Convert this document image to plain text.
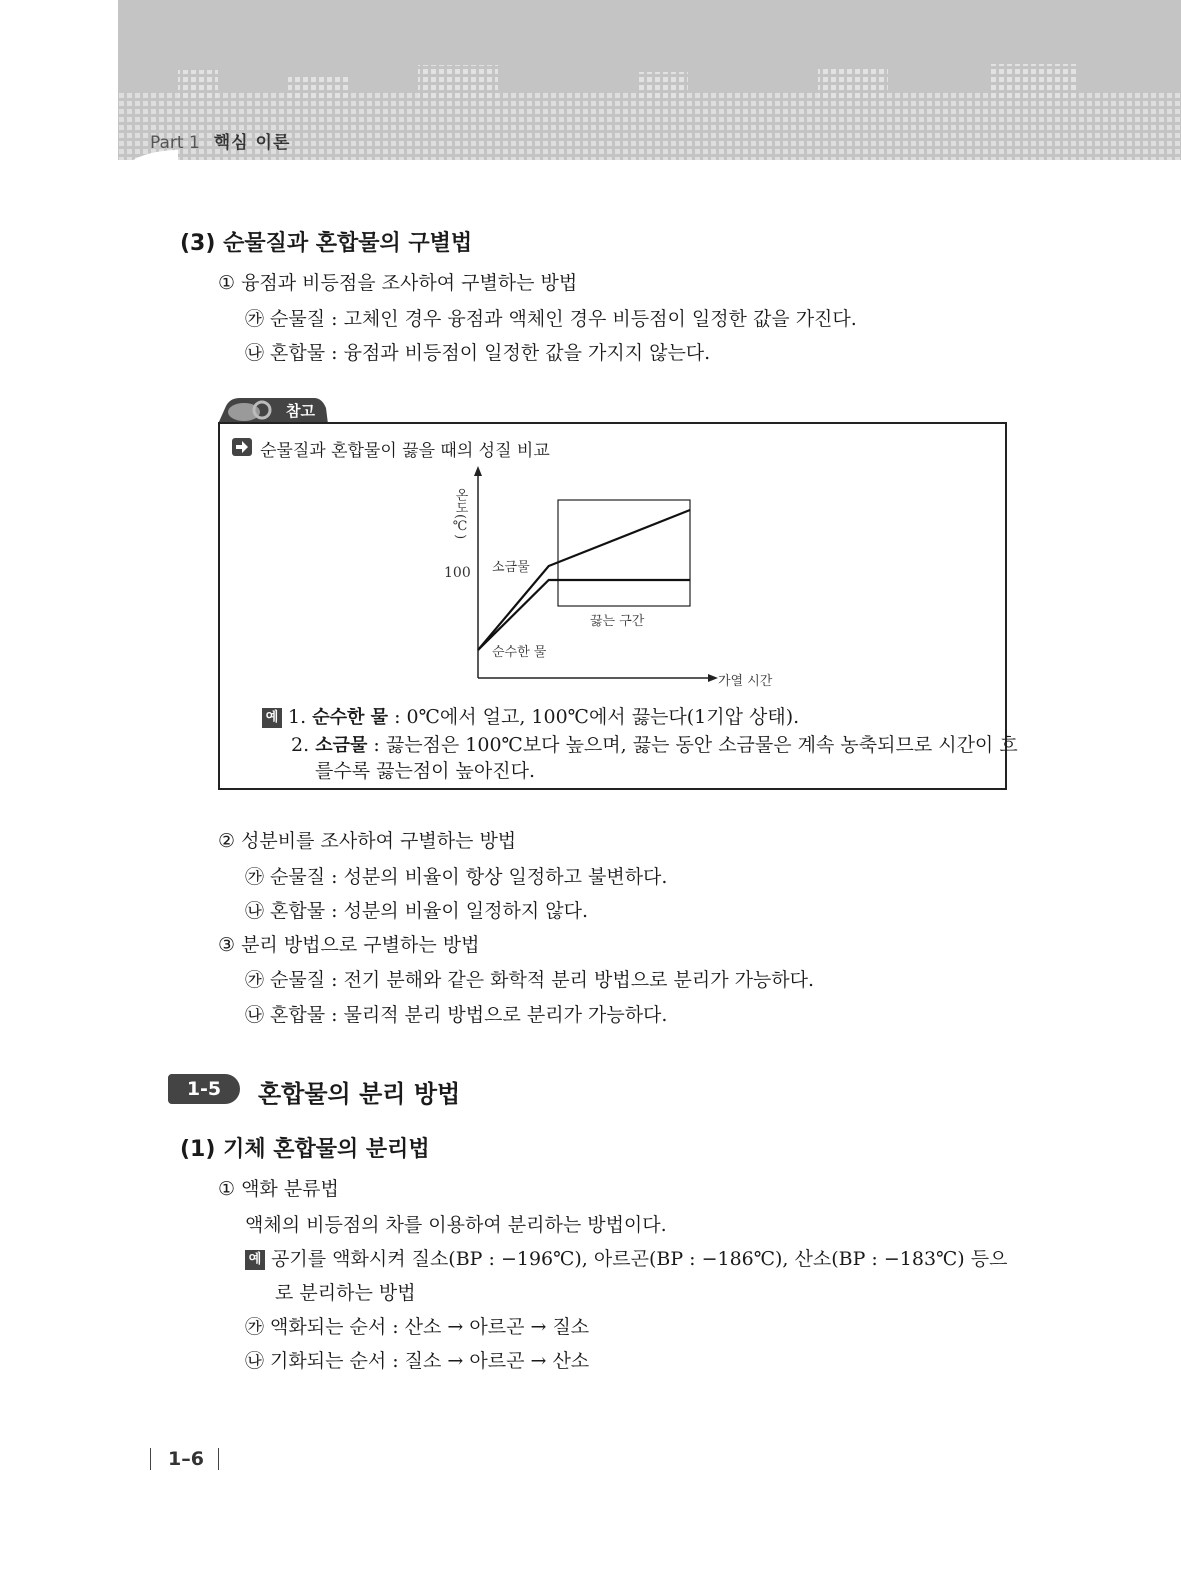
Part 1 핵심 이론
(3) 순물질과 혼합물의 구별법
① 융점과 비등점을 조사하여 구별하는 방법
㉮ 순물질 : 고체인 경우 융점과 액체인 경우 비등점이 일정한 값을 가진다.
㉯ 혼합물 : 융점과 비등점이 일정한 값을 가지지 않는다.
참고
순물질과 혼합물이 끓을 때의 성질 비교
온도(℃)
100 소금물
순수한 물
끓는 구간
가열 시간
예 1. 순수한 물 : 0℃에서 얼고, 100℃에서 끓는다(1기압 상태).
2. 소금물 : 끓는점은 100℃보다 높으며, 끓는 동안 소금물은 계속 농축되므로 시간이 흐
를수록 끓는점이 높아진다.
② 성분비를 조사하여 구별하는 방법
㉮ 순물질 : 성분의 비율이 항상 일정하고 불변하다.
㉯ 혼합물 : 성분의 비율이 일정하지 않다.
③ 분리 방법으로 구별하는 방법
㉮ 순물질 : 전기 분해와 같은 화학적 분리 방법으로 분리가 가능하다.
㉯ 혼합물 : 물리적 분리 방법으로 분리가 가능하다.
1-5	혼합물의 분리 방법
(1) 기체 혼합물의 분리법
① 액화 분류법
액체의 비등점의 차를 이용하여 분리하는 방법이다.
예 공기를 액화시켜 질소(BP : −196℃), 아르곤(BP : −186℃), 산소(BP : −183℃) 등으
로 분리하는 방법
㉮ 액화되는 순서 : 산소 → 아르곤 → 질소
㉯ 기화되는 순서 : 질소 → 아르곤 → 산소
1–6
